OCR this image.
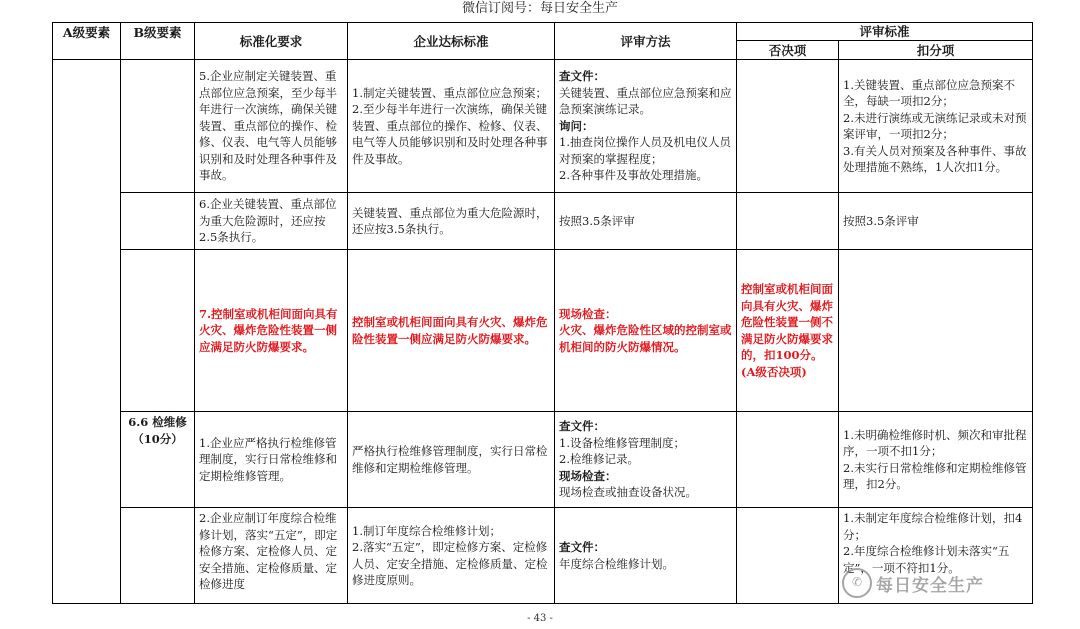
微信订阅号：每日安全生产
A级要素	B级要素	标准化要求	企业达标标准	评审方法	评审标准	
					否决项	扣分项
		5.企业应制定关键装置、重点部位应急预案，至少每半年进行一次演练，确保关键装置、重点部位的操作、检修、仪表、电气等人员能够识别和及时处理各种事件及事故。	1.制定关键装置、重点部位应急预案；
2.至少每半年进行一次演练，确保关键装置、重点部位的操作、检修、仪表、电气等人员能够识别和及时处理各种事件及事故。	查文件：
关键装置、重点部位应急预案和应急预案演练记录。
询问：
1.抽查岗位操作人员及机电仪人员对预案的掌握程度；
2.各种事件及事故处理措施。		1.关键装置、重点部位应急预案不全，每缺一项扣2分；
2.未进行演练或无演练记录或未对预案评审，一项扣2分；
3.有关人员对预案及各种事件、事故处理措施不熟练，1人次扣1分。

		6.企业关键装置、重点部位为重大危险源时，还应按2.5条执行。	关键装置、重点部位为重大危险源时，还应按3.5条执行。	按照3.5条评审		按照3.5条评审

		7.控制室或机柜间面向具有火灾、爆炸危险性装置一侧应满足防火防爆要求。	控制室或机柜间面向具有火灾、爆炸危险性装置一侧应满足防火防爆要求。	现场检查：
火灾、爆炸危险性区域的控制室或机柜间的防火防爆情况。	控制室或机柜间面向具有火灾、爆炸危险性装置一侧不满足防火防爆要求的，扣100分。(A级否决项)	

	6.6 检维修
（10分）	1.企业应严格执行检维修管理制度，实行日常检维修和定期检维修管理。	严格执行检维修管理制度，实行日常检维修和定期检维修管理。	查文件：
1.设备检维修管理制度；
2.检维修记录。
现场检查：
现场检查或抽查设备状况。		1.未明确检维修时机、频次和审批程序，一项不扣1分；
2.未实行日常检维修和定期检维修管理，扣2分。

		2.企业应制订年度综合检维修计划，落实“五定”，即定检修方案、定检修人员、定安全措施、定检修质量、定检修进度	1.制订年度综合检维修计划；
2.落实“五定”，即定检修方案、定检修人员、定安全措施、定检修质量、定检修进度原则。	查文件：
年度综合检维修计划。		1.未制定年度综合检维修计划，扣4分；
2.年度综合检维修计划未落实“五定”，一项不符扣1分。
✆ 每日安全生产
- 43 -
